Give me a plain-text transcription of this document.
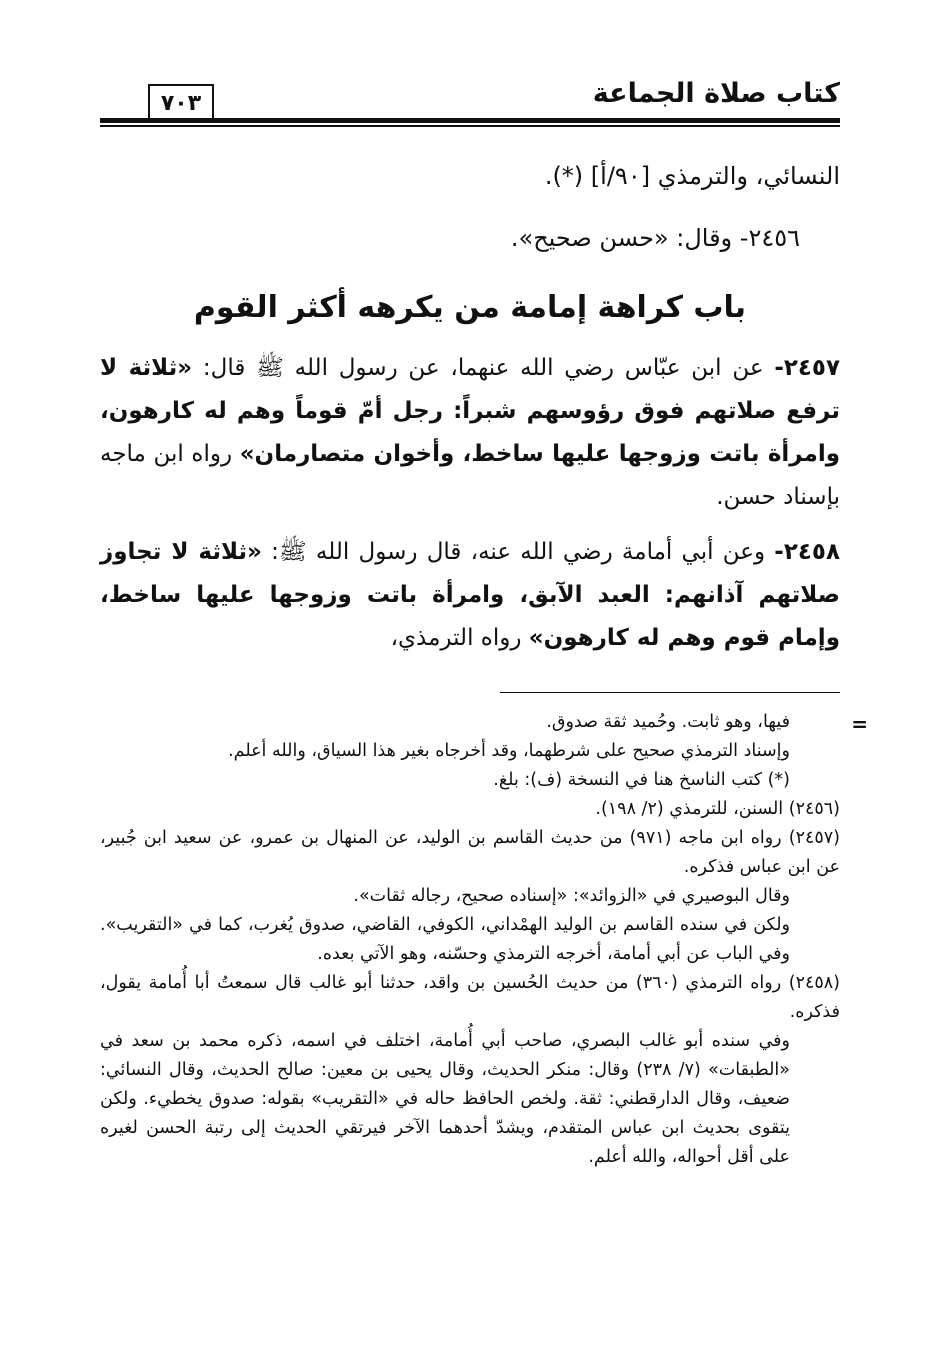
كتاب صلاة الجماعة
٧٠٣
النسائي، والترمذي [٩٠/أ] (*).
٢٤٥٦- وقال: «حسن صحيح».
باب كراهة إمامة من يكرهه أكثر القوم
٢٤٥٧- عن ابن عبّاس رضي الله عنهما، عن رسول الله ﷺ قال: «ثلاثة لا ترفع صلاتهم فوق رؤوسهم شبراً: رجل أمّ قوماً وهم له كارهون، وامرأة باتت وزوجها عليها ساخط، وأخوان متصارمان» رواه ابن ماجه بإسناد حسن.
٢٤٥٨- وعن أبي أمامة رضي الله عنه، قال رسول الله ﷺ: «ثلاثة لا تجاوز صلاتهم آذانهم: العبد الآبق، وامرأة باتت وزوجها عليها ساخط، وإمام قوم وهم له كارهون» رواه الترمذي،
=

فيها، وهو ثابت. وحُميد ثقة صدوق.

وإسناد الترمذي صحيح على شرطهما، وقد أخرجاه بغير هذا السياق، والله أعلم.

(*) كتب الناسخ هنا في النسخة (ف): بلغ.

(٢٤٥٦) السنن، للترمذي (٢/ ١٩٨).

(٢٤٥٧) رواه ابن ماجه (٩٧١) من حديث القاسم بن الوليد، عن المنهال بن عمرو، عن سعيد ابن جُبير، عن ابن عباس فذكره.

وقال البوصيري في «الزوائد»: «إسناده صحيح، رجاله ثقات».

ولكن في سنده القاسم بن الوليد الهمْداني، الكوفي، القاضي، صدوق يُغرب، كما في «التقريب». وفي الباب عن أبي أمامة، أخرجه الترمذي وحسّنه، وهو الآتي بعده.

(٢٤٥٨) رواه الترمذي (٣٦٠) من حديث الحُسين بن واقد، حدثنا أبو غالب قال سمعتُ أبا أُمامة يقول، فذكره.

وفي سنده أبو غالب البصري، صاحب أبي أُمامة، اختلف في اسمه، ذكره محمد بن سعد في «الطبقات» (٧/ ٢٣٨) وقال: منكر الحديث، وقال يحيى بن معين: صالح الحديث، وقال النسائي: ضعيف، وقال الدارقطني: ثقة. ولخص الحافظ حاله في «التقريب» بقوله: صدوق يخطيء. ولكن يتقوى بحديث ابن عباس المتقدم، ويشدّ أحدهما الآخر فيرتقي الحديث إلى رتبة الحسن لغيره على أقل أحواله، والله أعلم.
